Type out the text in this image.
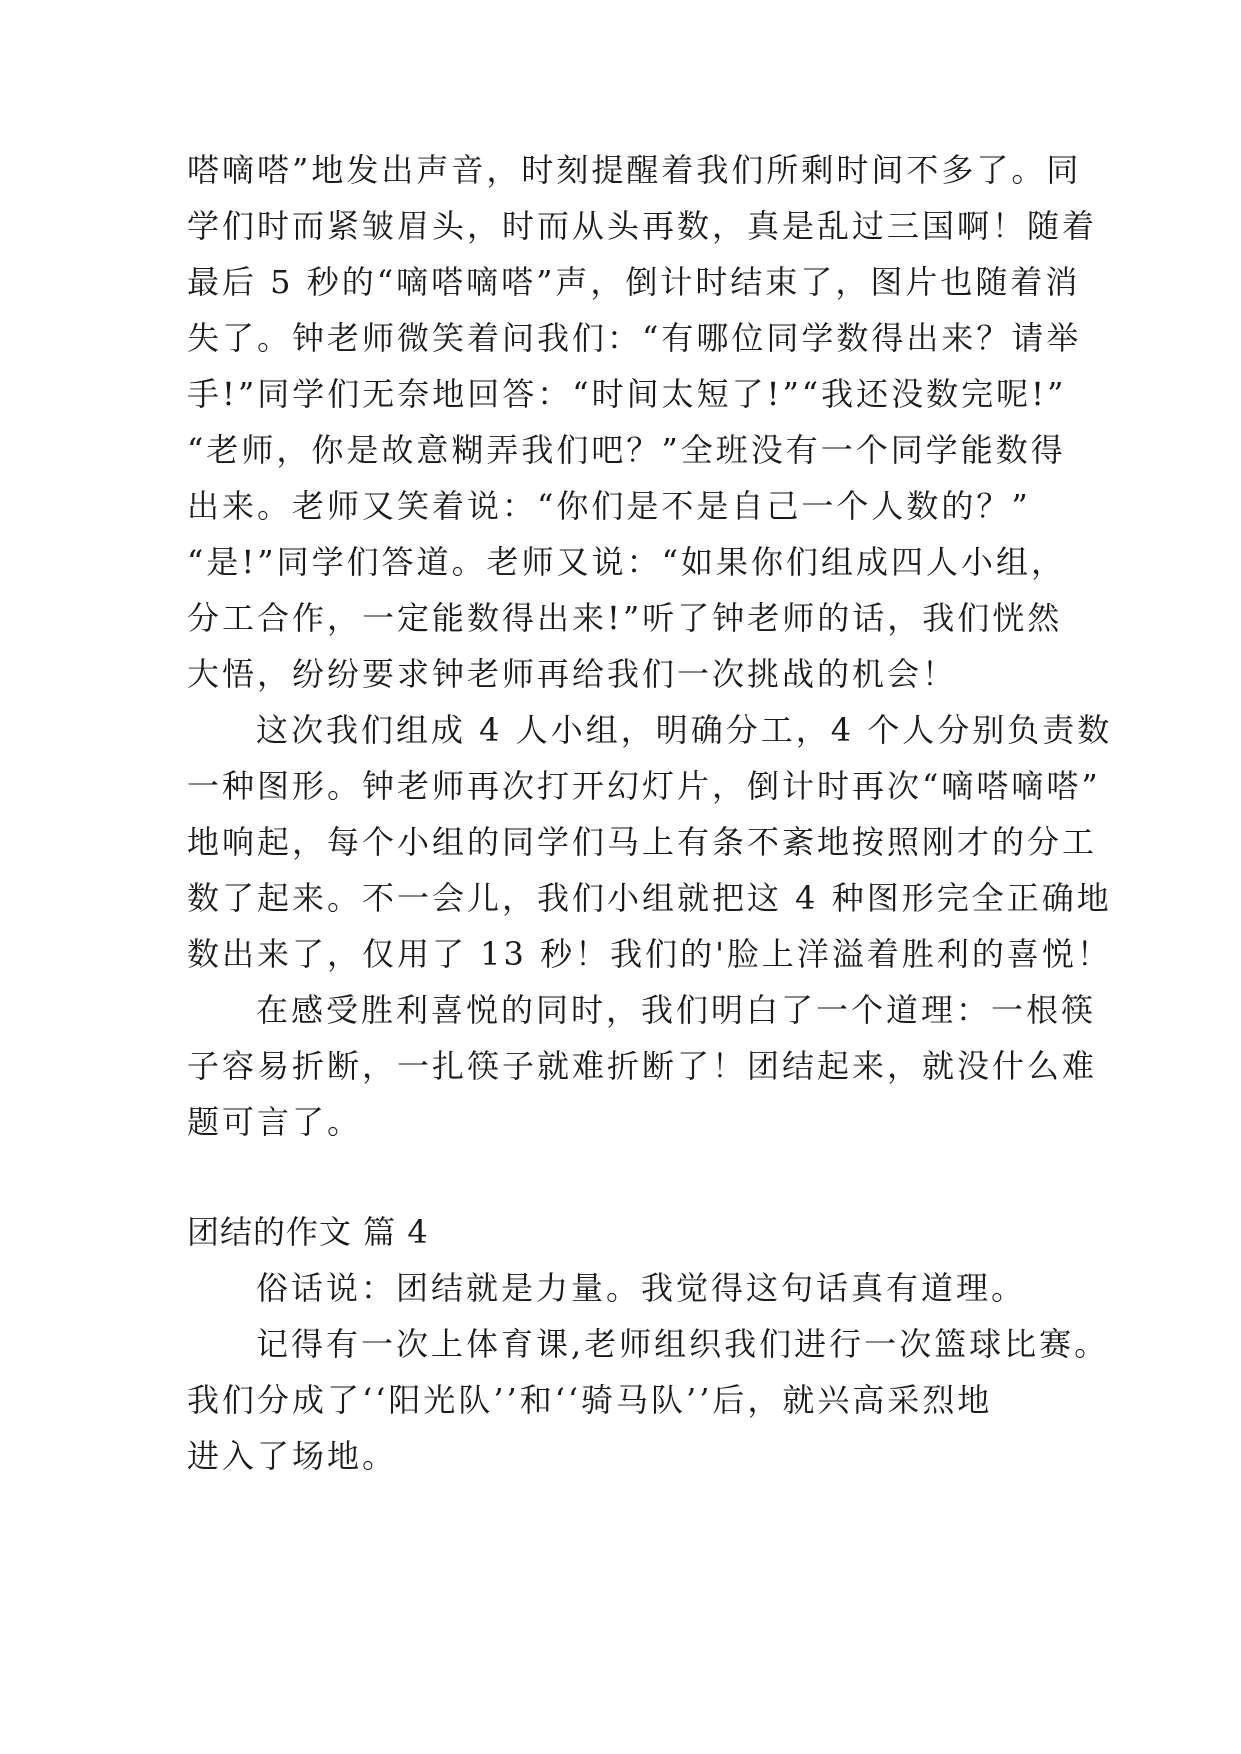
嗒嘀嗒”地发出声音，时刻提醒着我们所剩时间不多了。同
学们时而紧皱眉头，时而从头再数，真是乱过三国啊！随着
最后 5 秒的“嘀嗒嘀嗒”声，倒计时结束了，图片也随着消
失了。钟老师微笑着问我们：“有哪位同学数得出来？请举
手!”同学们无奈地回答：“时间太短了!”“我还没数完呢!”
“老师，你是故意糊弄我们吧？”全班没有一个同学能数得
出来。老师又笑着说：“你们是不是自己一个人数的？”
“是!”同学们答道。老师又说：“如果你们组成四人小组，
分工合作，一定能数得出来!”听了钟老师的话，我们恍然
大悟，纷纷要求钟老师再给我们一次挑战的机会！
这次我们组成 4 人小组，明确分工，4 个人分别负责数
一种图形。钟老师再次打开幻灯片，倒计时再次“嘀嗒嘀嗒”
地响起，每个小组的同学们马上有条不紊地按照刚才的分工
数了起来。不一会儿，我们小组就把这 4 种图形完全正确地
数出来了，仅用了 13 秒！我们的'脸上洋溢着胜利的喜悦！
在感受胜利喜悦的同时，我们明白了一个道理：一根筷
子容易折断，一扎筷子就难折断了！团结起来，就没什么难
题可言了。
团结的作文 篇 4
俗话说：团结就是力量。我觉得这句话真有道理。
记得有一次上体育课,老师组织我们进行一次篮球比赛。
我们分成了‘‘阳光队’’和‘‘骑马队’’后，就兴高采烈地
进入了场地。
